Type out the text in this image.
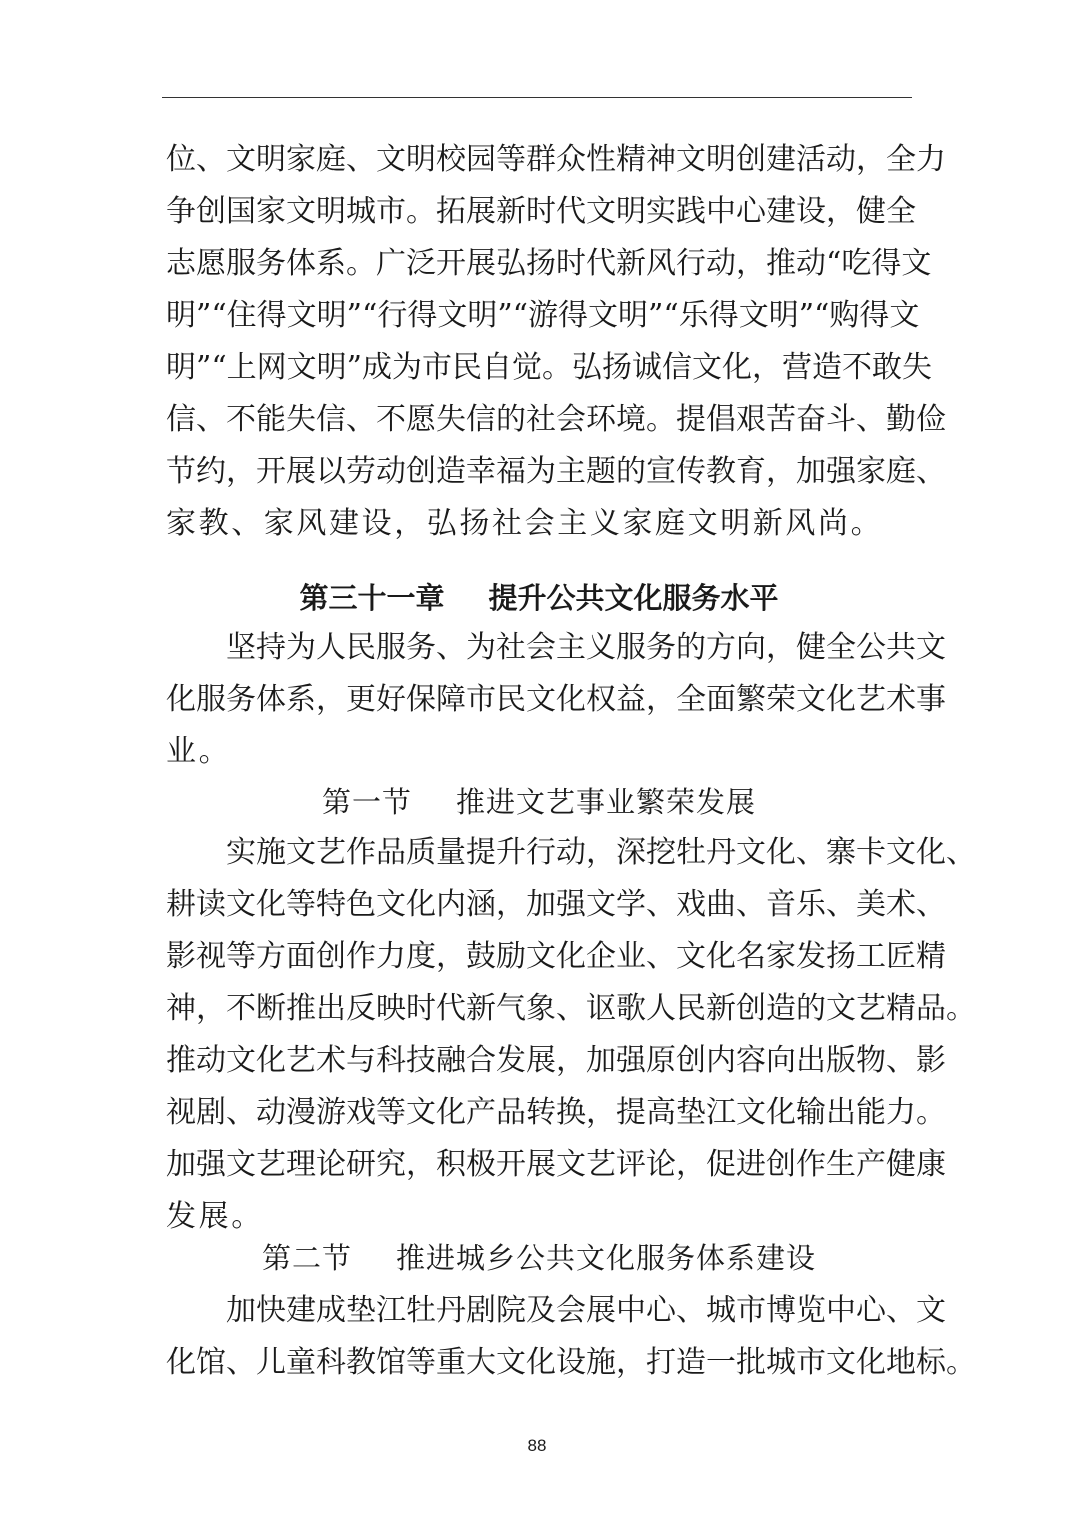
位、文明家庭、文明校园等群众性精神文明创建活动，全力
争创国家文明城市。拓展新时代文明实践中心建设，健全
志愿服务体系。广泛开展弘扬时代新风行动，推动“吃得文
明”“住得文明”“行得文明”“游得文明”“乐得文明”“购得文
明”“上网文明”成为市民自觉。弘扬诚信文化，营造不敢失
信、不能失信、不愿失信的社会环境。提倡艰苦奋斗、勤俭
节约，开展以劳动创造幸福为主题的宣传教育，加强家庭、
家教、家风建设，弘扬社会主义家庭文明新风尚。
第三十一章 提升公共文化服务水平
坚持为人民服务、为社会主义服务的方向，健全公共文
化服务体系，更好保障市民文化权益，全面繁荣文化艺术事
业。
第一节 推进文艺事业繁荣发展
实施文艺作品质量提升行动，深挖牡丹文化、寨卡文化、
耕读文化等特色文化内涵，加强文学、戏曲、音乐、美术、
影视等方面创作力度，鼓励文化企业、文化名家发扬工匠精
神，不断推出反映时代新气象、讴歌人民新创造的文艺精品。
推动文化艺术与科技融合发展，加强原创内容向出版物、影
视剧、动漫游戏等文化产品转换，提高垫江文化输出能力。
加强文艺理论研究，积极开展文艺评论，促进创作生产健康
发展。
第二节 推进城乡公共文化服务体系建设
加快建成垫江牡丹剧院及会展中心、城市博览中心、文
化馆、儿童科教馆等重大文化设施，打造一批城市文化地标。
88
